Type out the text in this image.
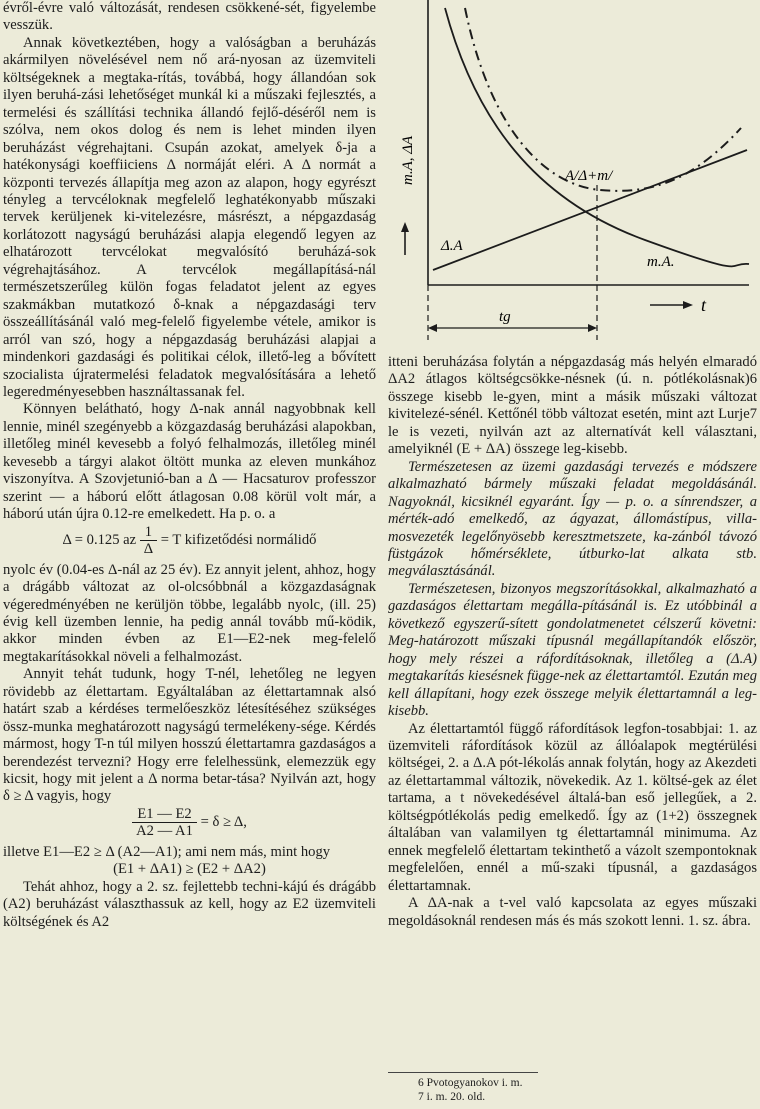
évről-évre való változását, rendesen csökkené-sét, figyelembe vesszük.

Annak következtében, hogy a valóságban a beruházás akármilyen növelésével nem nő ará-nyosan az üzemviteli költségeknek a megtaka-rítás, továbbá, hogy állandóan sok ilyen beruhá-zási lehetőséget munkál ki a műszaki fejlesztés, a termelési és szállítási technika állandó fejlő-déséről nem is szólva, nem okos dolog és nem is lehet minden ilyen beruházást végrehajtani. Csupán azokat, amelyek δ-ja a hatékonysági koeffiiciens Δ normáját eléri. A Δ normát a központi tervezés állapítja meg azon az alapon, hogy egyrészt tényleg a tervcéloknak megfelelő leghatékonyabb műszaki tervek kerüljenek ki-vitelezésre, másrészt, a népgazdaság korlátozott nagyságú beruházási alapja elegendő legyen az elhatározott tervcélokat megvalósító beruházá-sok végrehajtásához. A tervcélok megállapításá-nál természetszerűleg külön fogas feladatot jelent az egyes szakmákban mutatkozó δ-knak a népgazdasági terv összeállításánál való meg-felelő figyelembe vétele, amikor is arról van szó, hogy a népgazdaság beruházási alapjai a mindenkori gazdasági és politikai célok, illető-leg a bővített szocialista újratermelési feladatok megvalósítására a lehető legeredményesebben használtassanak fel.

Könnyen belátható, hogy Δ-nak annál nagyobbnak kell lennie, minél szegényebb a közgazdaság beruházási alapokban, illetőleg minél kevesebb a folyó felhalmozás, illetőleg minél kevesebb a tárgyi alakot öltött munka az eleven munkához viszonyítva. A Szovjetunió-ban a Δ — Hacsaturov professzor szerint — a háború előtt átlagosan 0.08 körül volt már, a háború után újra 0.12-re emelkedett. Ha p. o. a

Δ = 0.125 az $\frac{1}{\Delta} = T$ kifizetődési normálidő

nyolc év (0.04-es Δ-nál az 25 év). Ez annyit jelent, ahhoz, hogy a drágább változat az ol-olcsóbbnál a közgazdaságnak végeredményében ne kerüljön többe, legalább nyolc, (ill. 25) évig kell üzemben lennie, ha pedig annál tovább mű-ködik, akkor minden évben az E1—E2-nek meg-felelő megtakarításokkal növeli a felhalmozást.

Annyit tehát tudunk, hogy T-nél, lehetőleg ne legyen rövidebb az élettartam. Egyáltalában az élettartamnak alsó határt szab a kérdéses termelőeszköz létesítéséhez szükséges össz-munka meghatározott nagyságú termelékeny-sége. Kérdés mármost, hogy T-n túl milyen hosszú élettartamra gazdaságos a berendezést tervezni? Hogy erre felelhessünk, elemezzük egy kicsit, hogy mit jelent a Δ norma betar-tása? Nyilván azt, hogy δ ≥ Δ vagyis, hogy

$\frac{E1 — E2}{A2 — A1} = \delta \ge \Delta$,

illetve E1—E2 ≥ Δ (A2—A1); ami nem más, mint hogy

(E1 + ΔA1) ≥ (E2 + ΔA2)

Tehát ahhoz, hogy a 2. sz. fejlettebb techni-kájú és drágább (A2) beruházást választhassuk az kell, hogy az E2 üzemviteli költségének és A2

m.A, ΔA
tg
t
A/Δ+m/
Δ.A
m.A.

itteni beruházása folytán a népgazdaság más helyén elmaradó ΔA2 átlagos költségcsökke-nésnek (ú. n. pótlékolásnak)6 összege kisebb le-gyen, mint a másik műszaki változat kivitelezé-sénél. Kettőnél több változat esetén, mint azt Lurje7 le is vezeti, nyilván azt az alternatívát kell választani, amelyiknél (E + ΔA) összege leg-kisebb.

Természetesen az üzemi gazdasági tervezés e módszere alkalmazható bármely műszaki feladat megoldásánál. Nagyoknál, kicsiknél egyaránt. Így — p. o. a sínrendszer, a mérték-adó emelkedő, az ágyazat, állomástípus, villa-mosvezeték legelőnyösebb keresztmetszete, ka-zánból távozó füstgázok hőmérséklete, útburko-lat alkata stb. megválasztásánál.

Természetesen, bizonyos megszorításokkal, alkalmazható a gazdaságos élettartam megálla-pításánál is. Ez utóbbinál a következő egyszerű-sített gondolatmenetet célszerű követni: Meg-határozott műszaki típusnál megállapítandók először, hogy mely részei a ráfordításoknak, illetőleg a (Δ.A) megtakarítás kiesésnek függe-nek az élettartamtól. Ezután meg kell állapítani, hogy ezek összege melyik élettartamnál a leg-kisebb.

Az élettartamtól függő ráfordítások legfon-tosabbjai: 1. az üzemviteli ráfordítások közül az állóalapok megtérülési költségei, 2. a Δ.A pót-lékolás annak folytán, hogy az Akezdeti az élettartammal változik, növekedik. Az 1. költsé-gek az élet tartama, a t növekedésével általá-ban eső jellegűek, a 2. költségpótlékolás pedig emelkedő. Így az (1+2) összegnek általában van valamilyen tg élettartamnál minimuma. Az ennek megfelelő élettartam tekinthető a vázolt szempontoknak megfelelően, ennél a mű-szaki típusnál, a gazdaságos élettartamnak.

A ΔA-nak a t-vel való kapcsolata az egyes műszaki megoldásoknál rendesen más és más szokott lenni. 1. sz. ábra.

6 Pvotogyanokov i. m.
7 i. m. 20. old.
